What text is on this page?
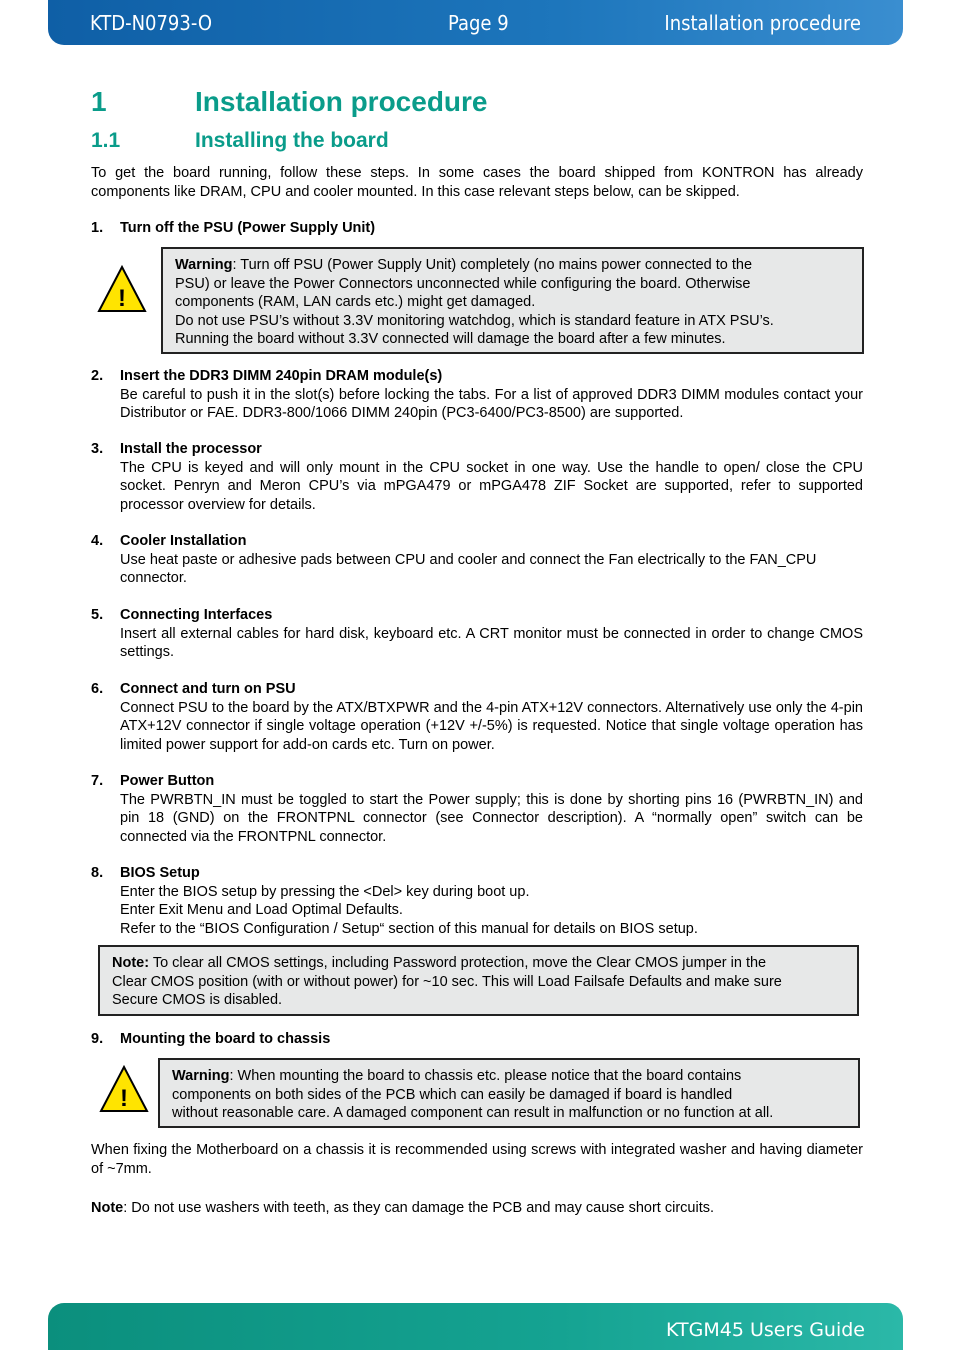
KTD-N0793-O	Page 9	Installation procedure
1	Installation procedure
1.1	Installing the board
To get the board running, follow these steps. In some cases the board shipped from KONTRON has already components like DRAM, CPU and cooler mounted. In this case relevant steps below, can be skipped.
1. Turn off the PSU (Power Supply Unit)
!
Warning: Turn off PSU (Power Supply Unit) completely (no mains power connected to the
PSU) or leave the Power Connectors unconnected while configuring the board. Otherwise
components (RAM, LAN cards etc.) might get damaged.
Do not use PSU’s without 3.3V monitoring watchdog, which is standard feature in ATX PSU’s.
Running the board without 3.3V connected will damage the board after a few minutes.
2. Insert the DDR3 DIMM 240pin DRAM module(s)
Be careful to push it in the slot(s) before locking the tabs. For a list of approved DDR3 DIMM modules contact your Distributor or FAE. DDR3-800/1066 DIMM 240pin (PC3-6400/PC3-8500) are supported.
3. Install the processor
The CPU is keyed and will only mount in the CPU socket in one way. Use the handle to open/ close the CPU socket. Penryn and Meron CPU’s via mPGA479 or mPGA478 ZIF Socket are supported, refer to supported processor overview for details.
4. Cooler Installation
Use heat paste or adhesive pads between CPU and cooler and connect the Fan electrically to the FAN_CPU connector.
5. Connecting Interfaces
Insert all external cables for hard disk, keyboard etc. A CRT monitor must be connected in order to change CMOS settings.
6. Connect and turn on PSU
Connect PSU to the board by the ATX/BTXPWR and the 4-pin ATX+12V connectors. Alternatively use only the 4-pin ATX+12V connector if single voltage operation (+12V +/-5%) is requested. Notice that single voltage operation has limited power support for add-on cards etc. Turn on power.
7. Power Button
The PWRBTN_IN must be toggled to start the Power supply; this is done by shorting pins 16 (PWRBTN_IN) and pin 18 (GND) on the FRONTPNL connector (see Connector description). A “normally open” switch can be connected via the FRONTPNL connector.
8. BIOS Setup
Enter the BIOS setup by pressing the <Del> key during boot up.
Enter Exit Menu and Load Optimal Defaults.
Refer to the “BIOS Configuration / Setup“ section of this manual for details on BIOS setup.
Note: To clear all CMOS settings, including Password protection, move the Clear CMOS jumper in the
Clear CMOS position (with or without power) for ~10 sec. This will Load Failsafe Defaults and make sure
Secure CMOS is disabled.
9. Mounting the board to chassis
!
Warning: When mounting the board to chassis etc. please notice that the board contains
components on both sides of the PCB which can easily be damaged if board is handled
without reasonable care. A damaged component can result in malfunction or no function at all.
When fixing the Motherboard on a chassis it is recommended using screws with integrated washer and having diameter of ~7mm.
Note: Do not use washers with teeth, as they can damage the PCB and may cause short circuits.
KTGM45 Users Guide
